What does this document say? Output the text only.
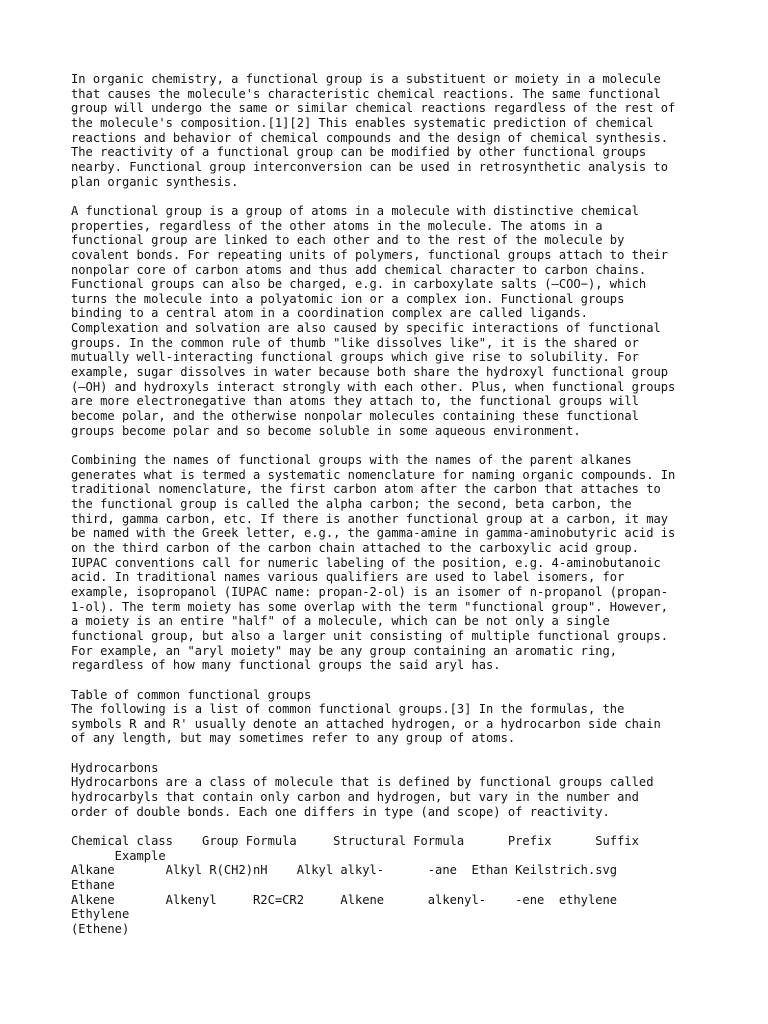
In organic chemistry, a functional group is a substituent or moiety in a molecule
that causes the molecule's characteristic chemical reactions. The same functional
group will undergo the same or similar chemical reactions regardless of the rest of
the molecule's composition.[1][2] This enables systematic prediction of chemical
reactions and behavior of chemical compounds and the design of chemical synthesis.
The reactivity of a functional group can be modified by other functional groups
nearby. Functional group interconversion can be used in retrosynthetic analysis to
plan organic synthesis.

A functional group is a group of atoms in a molecule with distinctive chemical
properties, regardless of the other atoms in the molecule. The atoms in a
functional group are linked to each other and to the rest of the molecule by
covalent bonds. For repeating units of polymers, functional groups attach to their
nonpolar core of carbon atoms and thus add chemical character to carbon chains.
Functional groups can also be charged, e.g. in carboxylate salts (–COO−), which
turns the molecule into a polyatomic ion or a complex ion. Functional groups
binding to a central atom in a coordination complex are called ligands.
Complexation and solvation are also caused by specific interactions of functional
groups. In the common rule of thumb "like dissolves like", it is the shared or
mutually well-interacting functional groups which give rise to solubility. For
example, sugar dissolves in water because both share the hydroxyl functional group
(–OH) and hydroxyls interact strongly with each other. Plus, when functional groups
are more electronegative than atoms they attach to, the functional groups will
become polar, and the otherwise nonpolar molecules containing these functional
groups become polar and so become soluble in some aqueous environment.

Combining the names of functional groups with the names of the parent alkanes
generates what is termed a systematic nomenclature for naming organic compounds. In
traditional nomenclature, the first carbon atom after the carbon that attaches to
the functional group is called the alpha carbon; the second, beta carbon, the
third, gamma carbon, etc. If there is another functional group at a carbon, it may
be named with the Greek letter, e.g., the gamma-amine in gamma-aminobutyric acid is
on the third carbon of the carbon chain attached to the carboxylic acid group.
IUPAC conventions call for numeric labeling of the position, e.g. 4-aminobutanoic
acid. In traditional names various qualifiers are used to label isomers, for
example, isopropanol (IUPAC name: propan-2-ol) is an isomer of n-propanol (propan-
1-ol). The term moiety has some overlap with the term "functional group". However,
a moiety is an entire "half" of a molecule, which can be not only a single
functional group, but also a larger unit consisting of multiple functional groups.
For example, an "aryl moiety" may be any group containing an aromatic ring,
regardless of how many functional groups the said aryl has.

Table of common functional groups

The following is a list of common functional groups.[3] In the formulas, the
symbols R and R' usually denote an attached hydrogen, or a hydrocarbon side chain
of any length, but may sometimes refer to any group of atoms.

Hydrocarbons

Hydrocarbons are a class of molecule that is defined by functional groups called
hydrocarbyls that contain only carbon and hydrogen, but vary in the number and
order of double bonds. Each one differs in type (and scope) of reactivity.

Chemical class    Group Formula     Structural Formula      Prefix      Suffix
Example
Alkane       Alkyl R(CH2)nH    Alkyl alkyl-      -ane  Ethan Keilstrich.svg
Ethane
Alkene       Alkenyl     R2C=CR2     Alkene      alkenyl-    -ene  ethylene
Ethylene
(Ethene)
